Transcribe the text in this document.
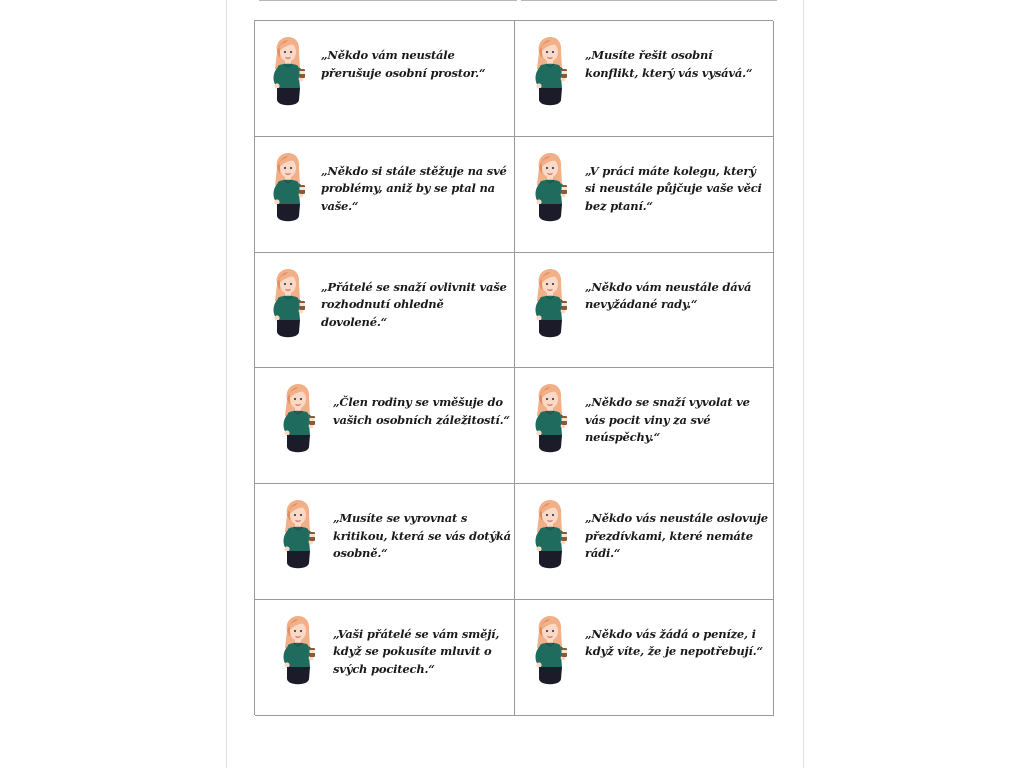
„Někdo vám neustále přerušuje osobní prostor.“
„Musíte řešit osobní konflikt, který vás vysává.“
„Někdo si stále stěžuje na své problémy, aniž by se ptal na vaše.“
„V práci máte kolegu, který si neustále půjčuje vaše věci bez ptaní.“
„Přátelé se snaží ovlivnit vaše rozhodnutí ohledně dovolené.“
„Někdo vám neustále dává nevyžádané rady.“
„Člen rodiny se vměšuje do vašich osobních záležitostí.“
„Někdo se snaží vyvolat ve vás pocit viny za své neúspěchy.“
„Musíte se vyrovnat s kritikou, která se vás dotýká osobně.“
„Někdo vás neustále oslovuje přezdívkami, které nemáte rádi.“
„Vaši přátelé se vám smějí, když se pokusíte mluvit o svých pocitech.“
„Někdo vás žádá o peníze, i když víte, že je nepotřebují.“
